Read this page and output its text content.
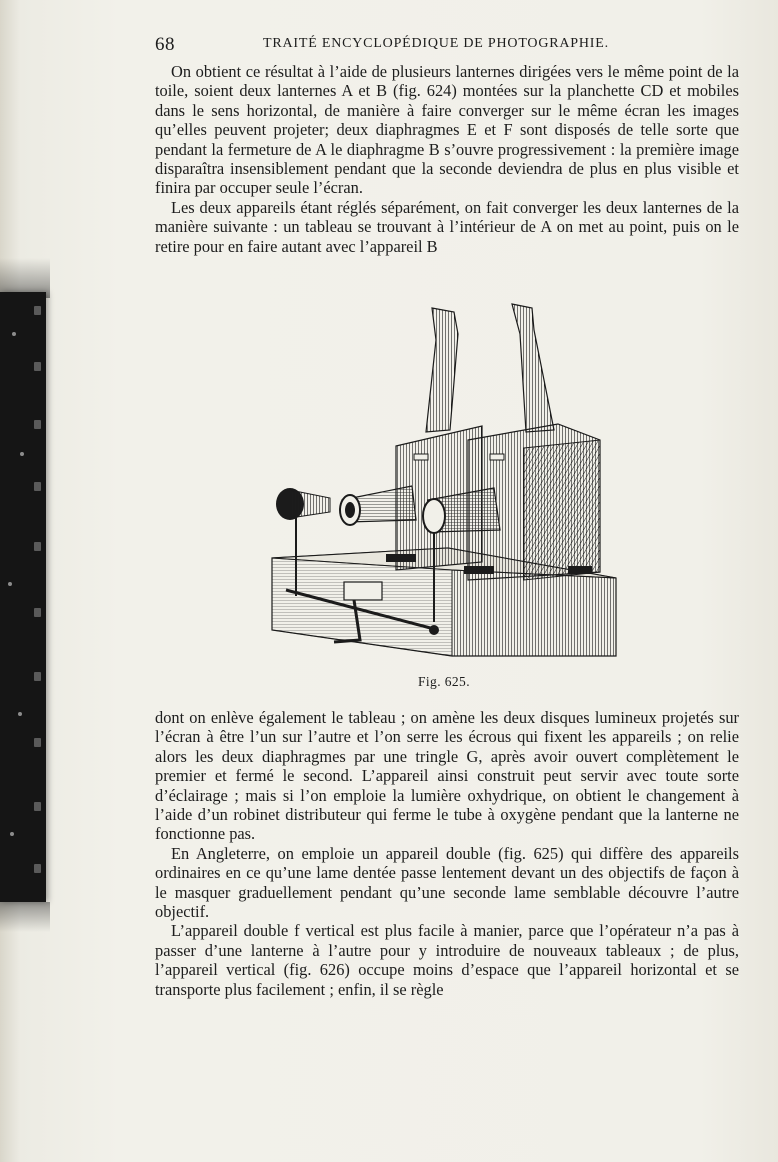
68	TRAITÉ ENCYCLOPÉDIQUE DE PHOTOGRAPHIE.

On obtient ce résultat à l’aide de plusieurs lanternes dirigées vers le même point de la toile, soient deux lanternes A et B (fig. 624) montées sur la planchette CD et mobiles dans le sens horizontal, de manière à faire converger sur le même écran les images qu’elles peuvent projeter; deux diaphragmes E et F sont disposés de telle sorte que pendant la fermeture de A le diaphragme B s’ouvre progressivement : la première image disparaîtra insensiblement pendant que la seconde deviendra de plus en plus visible et finira par occuper seule l’écran.

Les deux appareils étant réglés séparément, on fait converger les deux lanternes de la manière suivante : un tableau se trouvant à l’intérieur de A on met au point, puis on le retire pour en faire autant avec l’appareil B

Fig. 625.

dont on enlève également le tableau ; on amène les deux disques lumineux projetés sur l’écran à être l’un sur l’autre et l’on serre les écrous qui fixent les appareils ; on relie alors les deux diaphragmes par une tringle G, après avoir ouvert complètement le premier et fermé le second. L’appareil ainsi construit peut servir avec toute sorte d’éclairage ; mais si l’on emploie la lumière oxhydrique, on obtient le changement à l’aide d’un robinet distributeur qui ferme le tube à oxygène pendant que la lanterne ne fonctionne pas.

En Angleterre, on emploie un appareil double (fig. 625) qui diffère des appareils ordinaires en ce qu’une lame dentée passe lentement devant un des objectifs de façon à le masquer graduellement pendant qu’une seconde lame semblable découvre l’autre objectif.

L’appareil double f vertical est plus facile à manier, parce que l’opérateur n’a pas à passer d’une lanterne à l’autre pour y introduire de nouveaux tableaux ; de plus, l’appareil vertical (fig. 626) occupe moins d’espace que l’appareil horizontal et se transporte plus facilement ; enfin, il se règle
